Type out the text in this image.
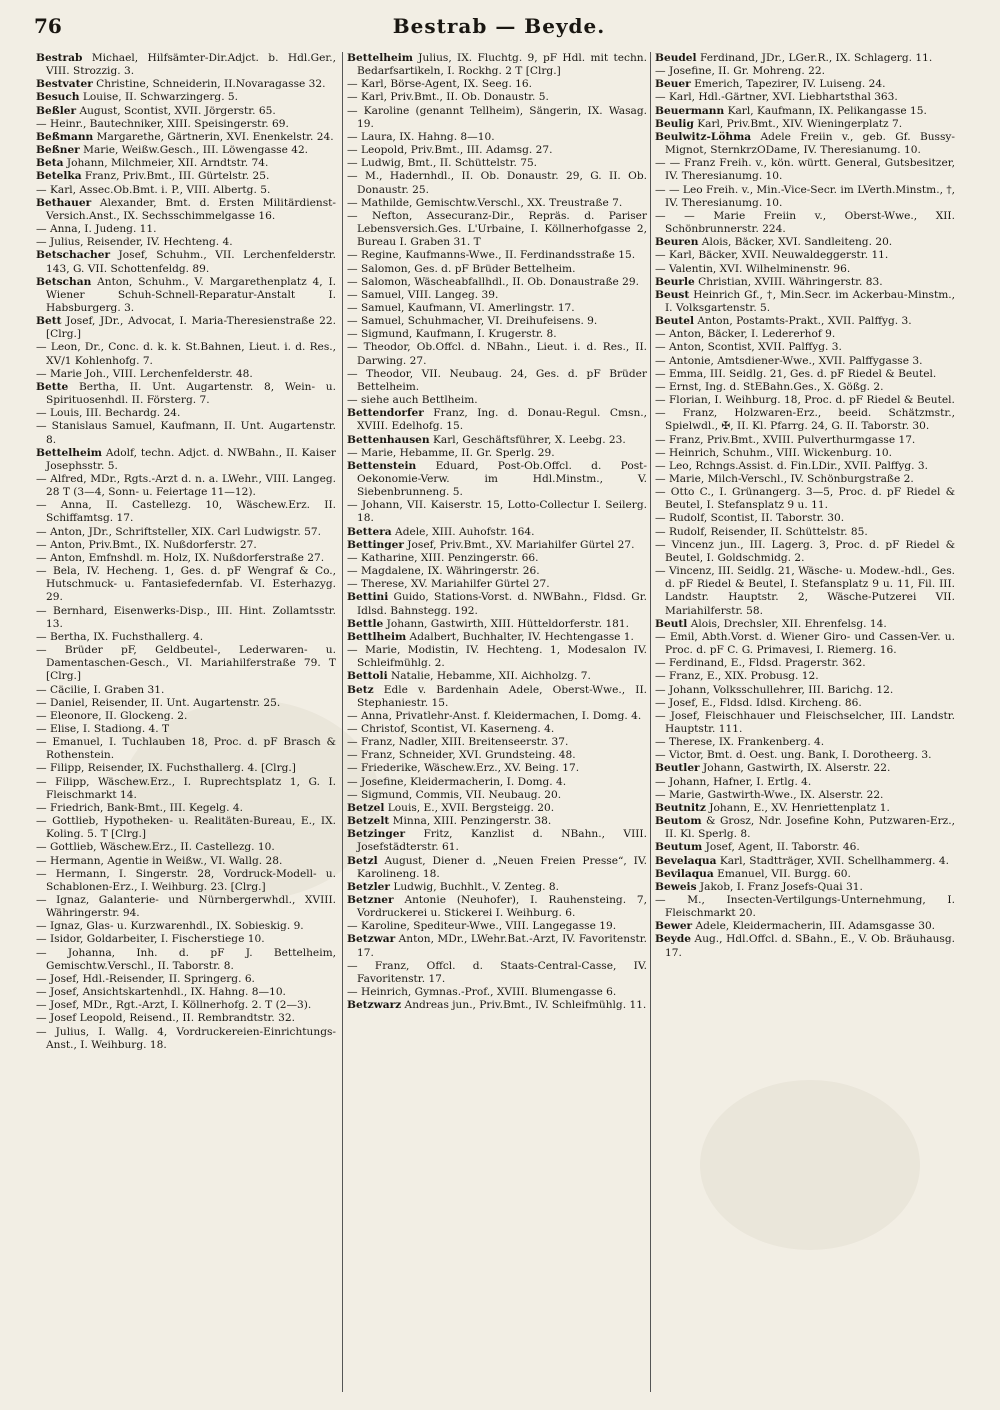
Bestrab — Beyde.
76

Bestrab Michael, Hilfsämter-Dir.Adjct. b. Hdl.Ger., VIII. Strozzig. 3.

Bestvater Christine, Schneiderin, II.Novaragasse 32.

Besuch Louise, II. Schwarzingerg. 5.

Beßler August, Scontist, XVII. Jörgerstr. 65.

— Heinr., Bautechniker, XIII. Speisingerstr. 69.

Beßmann Margarethe, Gärtnerin, XVI. Enenkelstr. 24.

Beßner Marie, Weißw.Gesch., III. Löwengasse 42.

Beta Johann, Milchmeier, XII. Arndtstr. 74.

Betelka Franz, Priv.Bmt., III. Gürtelstr. 25.

— Karl, Assec.Ob.Bmt. i. P., VIII. Albertg. 5.

Bethauer Alexander, Bmt. d. Ersten Militärdienst-Versich.Anst., IX. Sechsschimmelgasse 16.

— Anna, I. Judeng. 11.

— Julius, Reisender, IV. Hechteng. 4.

Betschacher Josef, Schuhm., VII. Lerchenfelderstr. 143, G. VII. Schottenfeldg. 89.

Betschan Anton, Schuhm., V. Margarethenplatz 4, I. Wiener Schuh-Schnell-Reparatur-Anstalt I. Habsburgerg. 3.

Bett Josef, JDr., Advocat, I. Maria-Theresienstraße 22. [Clrg.]

— Leon, Dr., Conc. d. k. k. St.Bahnen, Lieut. i. d. Res., XV/1 Kohlenhofg. 7.

— Marie Joh., VIII. Lerchenfelderstr. 48.

Bette Bertha, II. Unt. Augartenstr. 8, Wein- u. Spirituosenhdl. II. Försterg. 7.

— Louis, III. Bechardg. 24.

— Stanislaus Samuel, Kaufmann, II. Unt. Augartenstr. 8.

Bettelheim Adolf, techn. Adjct. d. NWBahn., II. Kaiser Josephsstr. 5.

— Alfred, MDr., Rgts.-Arzt d. n. a. LWehr., VIII. Langeg. 28 T (3—4, Sonn- u. Feiertage 11—12).

— Anna, II. Castellezg. 10, Wäschew.Erz. II. Schiffamtsg. 17.

— Anton, JDr., Schriftsteller, XIX. Carl Ludwigstr. 57.

— Anton, Priv.Bmt., IX. Nußdorferstr. 27.

— Anton, Emfnshdl. m. Holz, IX. Nußdorferstraße 27.

— Bela, IV. Hecheng. 1, Ges. d. pF Wengraf & Co., Hutschmuck- u. Fantasiefedernfab. VI. Esterhazyg. 29.

— Bernhard, Eisenwerks-Disp., III. Hint. Zollamtsstr. 13.

— Bertha, IX. Fuchsthallerg. 4.

— Brüder pF, Geldbeutel-, Lederwaren- u. Damentaschen-Gesch., VI. Mariahilferstraße 79. T [Clrg.]

— Cäcilie, I. Graben 31.

— Daniel, Reisender, II. Unt. Augartenstr. 25.

— Eleonore, II. Glockeng. 2.

— Elise, I. Stadiong. 4. T

— Emanuel, I. Tuchlauben 18, Proc. d. pF Brasch & Rothenstein.

— Filipp, Reisender, IX. Fuchsthallerg. 4. [Clrg.]

— Filipp, Wäschew.Erz., I. Ruprechtsplatz 1, G. I. Fleischmarkt 14.

— Friedrich, Bank-Bmt., III. Kegelg. 4.

— Gottlieb, Hypotheken- u. Realitäten-Bureau, E., IX. Koling. 5. T [Clrg.]

— Gottlieb, Wäschew.Erz., II. Castellezg. 10.

— Hermann, Agentie in Weißw., VI. Wallg. 28.

— Hermann, I. Singerstr. 28, Vordruck-Modell- u. Schablonen-Erz., I. Weihburg. 23. [Clrg.]

— Ignaz, Galanterie- und Nürnbergerwhdl., XVIII. Währingerstr. 94.

— Ignaz, Glas- u. Kurzwarenhdl., IX. Sobieskig. 9.

— Isidor, Goldarbeiter, I. Fischerstiege 10.

— Johanna, Inh. d. pF J. Bettelheim, Gemischtw.Verschl., II. Taborstr. 8.

— Josef, Hdl.-Reisender, II. Springerg. 6.

— Josef, Ansichtskartenhdl., IX. Hahng. 8—10.

— Josef, MDr., Rgt.-Arzt, I. Köllnerhofg. 2. T (2—3).

— Josef Leopold, Reisend., II. Rembrandtstr. 32.

— Julius, I. Wallg. 4, Vordruckereien-Einrichtungs-Anst., I. Weihburg. 18.

Bettelheim Julius, IX. Fluchtg. 9, pF Hdl. mit techn. Bedarfsartikeln, I. Rockhg. 2 T [Clrg.]

— Karl, Börse-Agent, IX. Seeg. 16.

— Karl, Priv.Bmt., II. Ob. Donaustr. 5.

— Karoline (genannt Tellheim), Sängerin, IX. Wasag. 19.

— Laura, IX. Hahng. 8—10.

— Leopold, Priv.Bmt., III. Adamsg. 27.

— Ludwig, Bmt., II. Schüttelstr. 75.

— M., Hadernhdl., II. Ob. Donaustr. 29, G. II. Ob. Donaustr. 25.

— Mathilde, Gemischtw.Verschl., XX. Treustraße 7.

— Nefton, Assecuranz-Dir., Repräs. d. Pariser Lebensversich.Ges. L'Urbaine, I. Köllnerhofgasse 2, Bureau I. Graben 31. T

— Regine, Kaufmanns-Wwe., II. Ferdinandsstraße 15.

— Salomon, Ges. d. pF Brüder Bettelheim.

— Salomon, Wäscheabfallhdl., II. Ob. Donaustraße 29.

— Samuel, VIII. Langeg. 39.

— Samuel, Kaufmann, VI. Amerlingstr. 17.

— Samuel, Schuhmacher, VI. Dreihufeisens. 9.

— Sigmund, Kaufmann, I. Krugerstr. 8.

— Theodor, Ob.Offcl. d. NBahn., Lieut. i. d. Res., II. Darwing. 27.

— Theodor, VII. Neubaug. 24, Ges. d. pF Brüder Bettelheim.

— siehe auch Bettlheim.

Bettendorfer Franz, Ing. d. Donau-Regul. Cmsn., XVIII. Edelhofg. 15.

Bettenhausen Karl, Geschäftsführer, X. Leebg. 23.

— Marie, Hebamme, II. Gr. Sperlg. 29.

Bettenstein Eduard, Post-Ob.Offcl. d. Post-Oekonomie-Verw. im Hdl.Minstm., V. Siebenbrunneng. 5.

— Johann, VII. Kaiserstr. 15, Lotto-Collectur I. Seilerg. 18.

Bettera Adele, XIII. Auhofstr. 164.

Bettinger Josef, Priv.Bmt., XV. Mariahilfer Gürtel 27.

— Katharine, XIII. Penzingerstr. 66.

— Magdalene, IX. Währingerstr. 26.

— Therese, XV. Mariahilfer Gürtel 27.

Bettini Guido, Stations-Vorst. d. NWBahn., Fldsd. Gr. Idlsd. Bahnstegg. 192.

Bettle Johann, Gastwirth, XIII. Hütteldorferstr. 181.

Bettlheim Adalbert, Buchhalter, IV. Hechtengasse 1.

— Marie, Modistin, IV. Hechteng. 1, Modesalon IV. Schleifmühlg. 2.

Bettoli Natalie, Hebamme, XII. Aichholzg. 7.

Betz Edle v. Bardenhain Adele, Oberst-Wwe., II. Stephaniestr. 15.

— Anna, Privatlehr-Anst. f. Kleidermachen, I. Domg. 4.

— Christof, Scontist, VI. Kaserneng. 4.

— Franz, Nadler, XIII. Breitenseerstr. 37.

— Franz, Schneider, XVI. Grundsteing. 48.

— Friederike, Wäschew.Erz., XV. Being. 17.

— Josefine, Kleidermacherin, I. Domg. 4.

— Sigmund, Commis, VII. Neubaug. 20.

Betzel Louis, E., XVII. Bergsteigg. 20.

Betzelt Minna, XIII. Penzingerstr. 38.

Betzinger Fritz, Kanzlist d. NBahn., VIII. Josefstädterstr. 61.

Betzl August, Diener d. „Neuen Freien Presse“, IV. Karolineng. 18.

Betzler Ludwig, Buchhlt., V. Zenteg. 8.

Betzner Antonie (Neuhofer), I. Rauhensteing. 7, Vordruckerei u. Stickerei I. Weihburg. 6.

— Karoline, Spediteur-Wwe., VIII. Langegasse 19.

Betzwar Anton, MDr., LWehr.Bat.-Arzt, IV. Favoritenstr. 17.

— Franz, Offcl. d. Staats-Central-Casse, IV. Favoritenstr. 17.

— Heinrich, Gymnas.-Prof., XVIII. Blumengasse 6.

Betzwarz Andreas jun., Priv.Bmt., IV. Schleifmühlg. 11.

Beudel Ferdinand, JDr., LGer.R., IX. Schlagerg. 11.

— Josefine, II. Gr. Mohreng. 22.

Beuer Emerich, Tapezirer, IV. Luiseng. 24.

— Karl, Hdl.-Gärtner, XVI. Liebhartsthal 363.

Beuermann Karl, Kaufmann, IX. Pelikangasse 15.

Beulig Karl, Priv.Bmt., XIV. Wieningerplatz 7.

Beulwitz-Löhma Adele Freiin v., geb. Gf. Bussy-Mignot, SternkrzODame, IV. Theresianumg. 10.

— — Franz Freih. v., kön. württ. General, Gutsbesitzer, IV. Theresianumg. 10.

— — Leo Freih. v., Min.-Vice-Secr. im LVerth.Minstm., †, IV. Theresianumg. 10.

— — Marie Freiin v., Oberst-Wwe., XII. Schönbrunnerstr. 224.

Beuren Alois, Bäcker, XVI. Sandleiteng. 20.

— Karl, Bäcker, XVII. Neuwaldeggerstr. 11.

— Valentin, XVI. Wilhelminenstr. 96.

Beurle Christian, XVIII. Währingerstr. 83.

Beust Heinrich Gf., †, Min.Secr. im Ackerbau-Minstm., I. Volksgartenstr. 5.

Beutel Anton, Postamts-Prakt., XVII. Palffyg. 3.

— Anton, Bäcker, I. Ledererhof 9.

— Anton, Scontist, XVII. Palffyg. 3.

— Antonie, Amtsdiener-Wwe., XVII. Palffygasse 3.

— Emma, III. Seidlg. 21, Ges. d. pF Riedel & Beutel.

— Ernst, Ing. d. StEBahn.Ges., X. Gößg. 2.

— Florian, I. Weihburg. 18, Proc. d. pF Riedel & Beutel.

— Franz, Holzwaren-Erz., beeid. Schätzmstr., Spielwdl., ✠, II. Kl. Pfarrg. 24, G. II. Taborstr. 30.

— Franz, Priv.Bmt., XVIII. Pulverthurmgasse 17.

— Heinrich, Schuhm., VIII. Wickenburg. 10.

— Leo, Rchngs.Assist. d. Fin.LDir., XVII. Palffyg. 3.

— Marie, Milch-Verschl., IV. Schönburgstraße 2.

— Otto C., I. Grünangerg. 3—5, Proc. d. pF Riedel & Beutel, I. Stefansplatz 9 u. 11.

— Rudolf, Scontist, II. Taborstr. 30.

— Rudolf, Reisender, II. Schüttelstr. 85.

— Vincenz jun., III. Lagerg. 3, Proc. d. pF Riedel & Beutel, I. Goldschmidg. 2.

— Vincenz, III. Seidlg. 21, Wäsche- u. Modew.-hdl., Ges. d. pF Riedel & Beutel, I. Stefansplatz 9 u. 11, Fil. III. Landstr. Hauptstr. 2, Wäsche-Putzerei VII. Mariahilferstr. 58.

Beutl Alois, Drechsler, XII. Ehrenfelsg. 14.

— Emil, Abth.Vorst. d. Wiener Giro- und Cassen-Ver. u. Proc. d. pF C. G. Primavesi, I. Riemerg. 16.

— Ferdinand, E., Fldsd. Pragerstr. 362.

— Franz, E., XIX. Probusg. 12.

— Johann, Volksschullehrer, III. Barichg. 12.

— Josef, E., Fldsd. Idlsd. Kircheng. 86.

— Josef, Fleischhauer und Fleischselcher, III. Landstr. Hauptstr. 111.

— Therese, IX. Frankenberg. 4.

— Victor, Bmt. d. Oest. ung. Bank, I. Dorotheerg. 3.

Beutler Johann, Gastwirth, IX. Alserstr. 22.

— Johann, Hafner, I. Ertlg. 4.

— Marie, Gastwirth-Wwe., IX. Alserstr. 22.

Beutnitz Johann, E., XV. Henriettenplatz 1.

Beutom & Grosz, Ndr. Josefine Kohn, Putzwaren-Erz., II. Kl. Sperlg. 8.

Beutum Josef, Agent, II. Taborstr. 46.

Bevelaqua Karl, Stadtträger, XVII. Schellhammerg. 4.

Bevilaqua Emanuel, VII. Burgg. 60.

Beweis Jakob, I. Franz Josefs-Quai 31.

— M., Insecten-Vertilgungs-Unternehmung, I. Fleischmarkt 20.

Bewer Adele, Kleidermacherin, III. Adamsgasse 30.

Beyde Aug., Hdl.Offcl. d. SBahn., E., V. Ob. Bräuhausg. 17.
